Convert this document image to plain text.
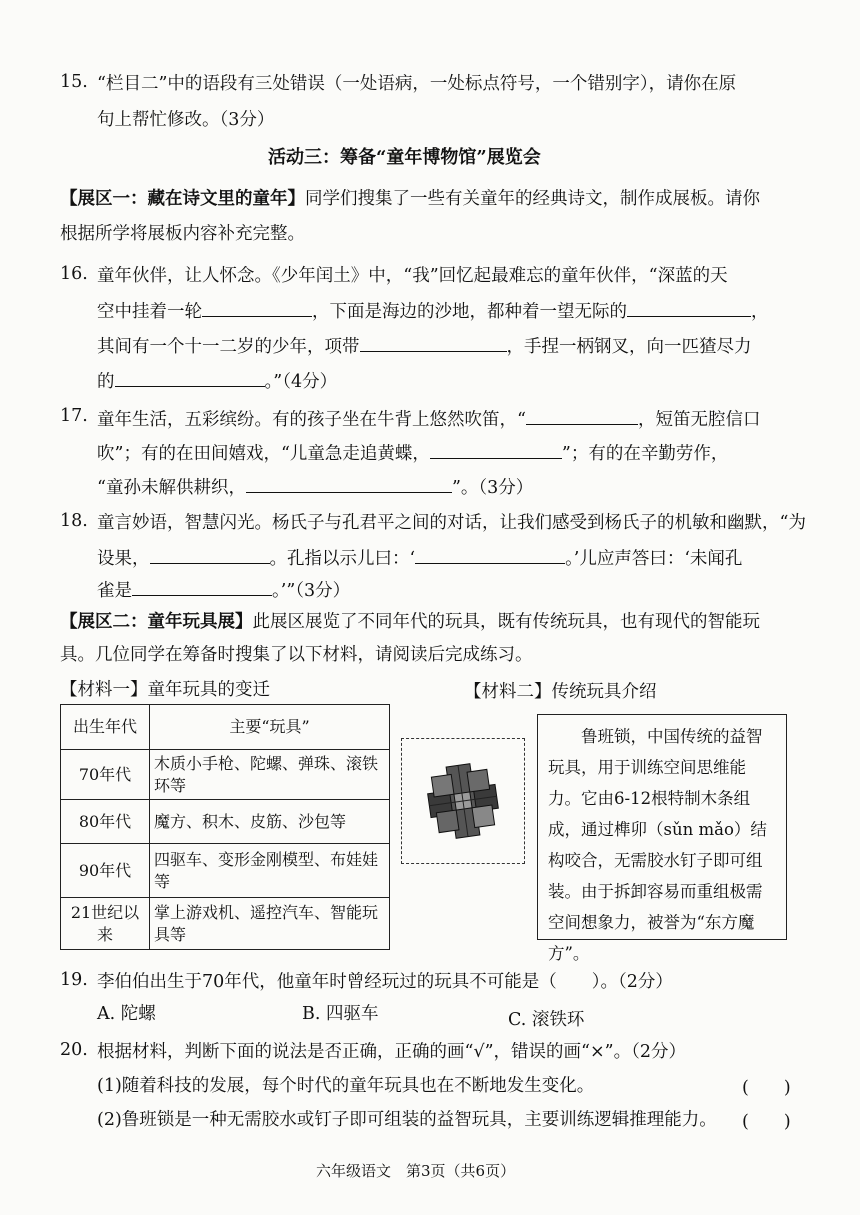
15. “栏目二”中的语段有三处错误（一处语病，一处标点符号，一个错别字），请你在原
句上帮忙修改。（3分）
活动三：筹备“童年博物馆”展览会
【展区一：藏在诗文里的童年】同学们搜集了一些有关童年的经典诗文，制作成展板。请你
根据所学将展板内容补充完整。
16. 童年伙伴，让人怀念。《少年闰土》中，“我”回忆起最难忘的童年伙伴，“深蓝的天
空中挂着一轮	，下面是海边的沙地，都种着一望无际的	，
其间有一个十一二岁的少年，项带	，手捏一柄钢叉，向一匹猹尽力
的	。”（4分）
17. 童年生活，五彩缤纷。有的孩子坐在牛背上悠然吹笛，“	，短笛无腔信口
吹”；有的在田间嬉戏，“儿童急走追黄蝶，	”；有的在辛勤劳作，
“童孙未解供耕织，	”。（3分）
18. 童言妙语，智慧闪光。杨氏子与孔君平之间的对话，让我们感受到杨氏子的机敏和幽默，“为
设果，	。孔指以示儿曰：‘	。’儿应声答曰：‘未闻孔
雀是	。’”（3分）
【展区二：童年玩具展】此展区展览了不同年代的玩具，既有传统玩具，也有现代的智能玩
具。几位同学在筹备时搜集了以下材料，请阅读后完成练习。
【材料一】童年玩具的变迁	【材料二】传统玩具介绍
出生年代	主要“玩具”
70年代	木质小手枪、陀螺、弹珠、滚铁环等
80年代	魔方、积木、皮筋、沙包等
90年代	四驱车、变形金刚模型、布娃娃等
21世纪以来	掌上游戏机、遥控汽车、智能玩具等
鲁班锁，中国传统的益智玩具，用于训练空间思维能力。它由6-12根特制木条组成，通过榫卯（sǔn mǎo）结构咬合，无需胶水钉子即可组装。由于拆卸容易而重组极需空间想象力，被誉为“东方魔方”。
19. 李伯伯出生于70年代，他童年时曾经玩过的玩具不可能是（　　）。（2分）
A. 陀螺	B. 四驱车	C. 滚铁环
20. 根据材料，判断下面的说法是否正确，正确的画“√”，错误的画“×”。（2分）
(1)随着科技的发展，每个时代的童年玩具也在不断地发生变化。	(　　)
(2)鲁班锁是一种无需胶水或钉子即可组装的益智玩具，主要训练逻辑推理能力。 (　　)
六年级语文　第3页（共6页）
